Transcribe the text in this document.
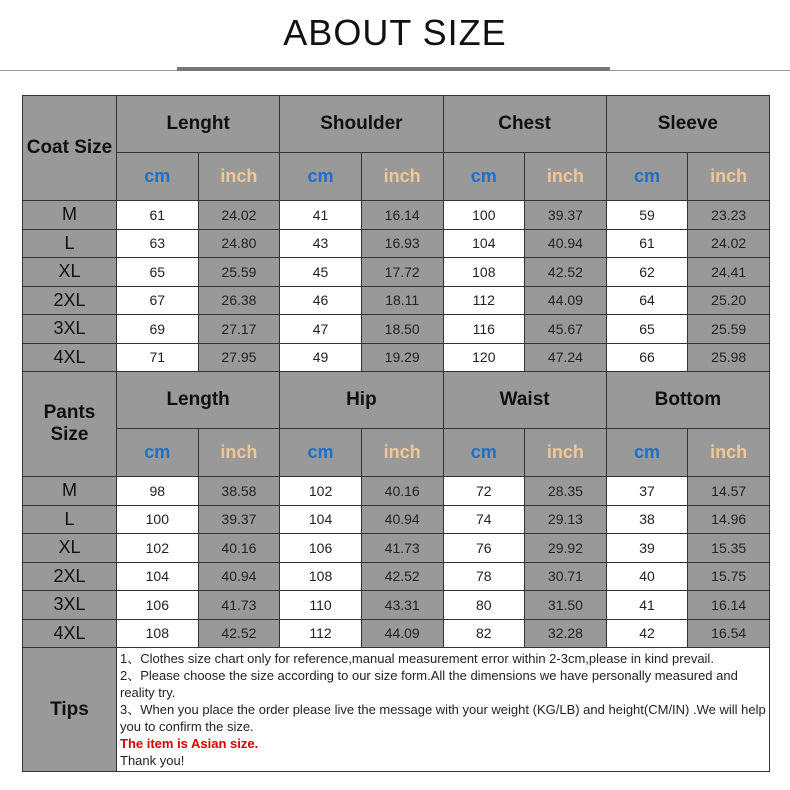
ABOUT SIZE
Coat Size	Lenght		Shoulder		Chest		Sleeve	
	cm	inch	cm	inch	cm	inch	cm	inch
M	61	24.02	41	16.14	100	39.37	59	23.23
L	63	24.80	43	16.93	104	40.94	61	24.02
XL	65	25.59	45	17.72	108	42.52	62	24.41
2XL	67	26.38	46	18.11	112	44.09	64	25.20
3XL	69	27.17	47	18.50	116	45.67	65	25.59
4XL	71	27.95	49	19.29	120	47.24	66	25.98
Pants Size	Length		Hip		Waist		Bottom	
	cm	inch	cm	inch	cm	inch	cm	inch
M	98	38.58	102	40.16	72	28.35	37	14.57
L	100	39.37	104	40.94	74	29.13	38	14.96
XL	102	40.16	106	41.73	76	29.92	39	15.35
2XL	104	40.94	108	42.52	78	30.71	40	15.75
3XL	106	41.73	110	43.31	80	31.50	41	16.14
4XL	108	42.52	112	44.09	82	32.28	42	16.54
Tips	1、Clothes size chart only for reference,manual measurement error within 2-3cm,please in kind prevail.
2、Please choose the size according to our size form.All the dimensions we have personally measured and reality try.
3、When you place the order please live the message with your weight (KG/LB) and height(CM/IN) .We will help you to confirm the size.
The item is Asian size.
Thank you!							
